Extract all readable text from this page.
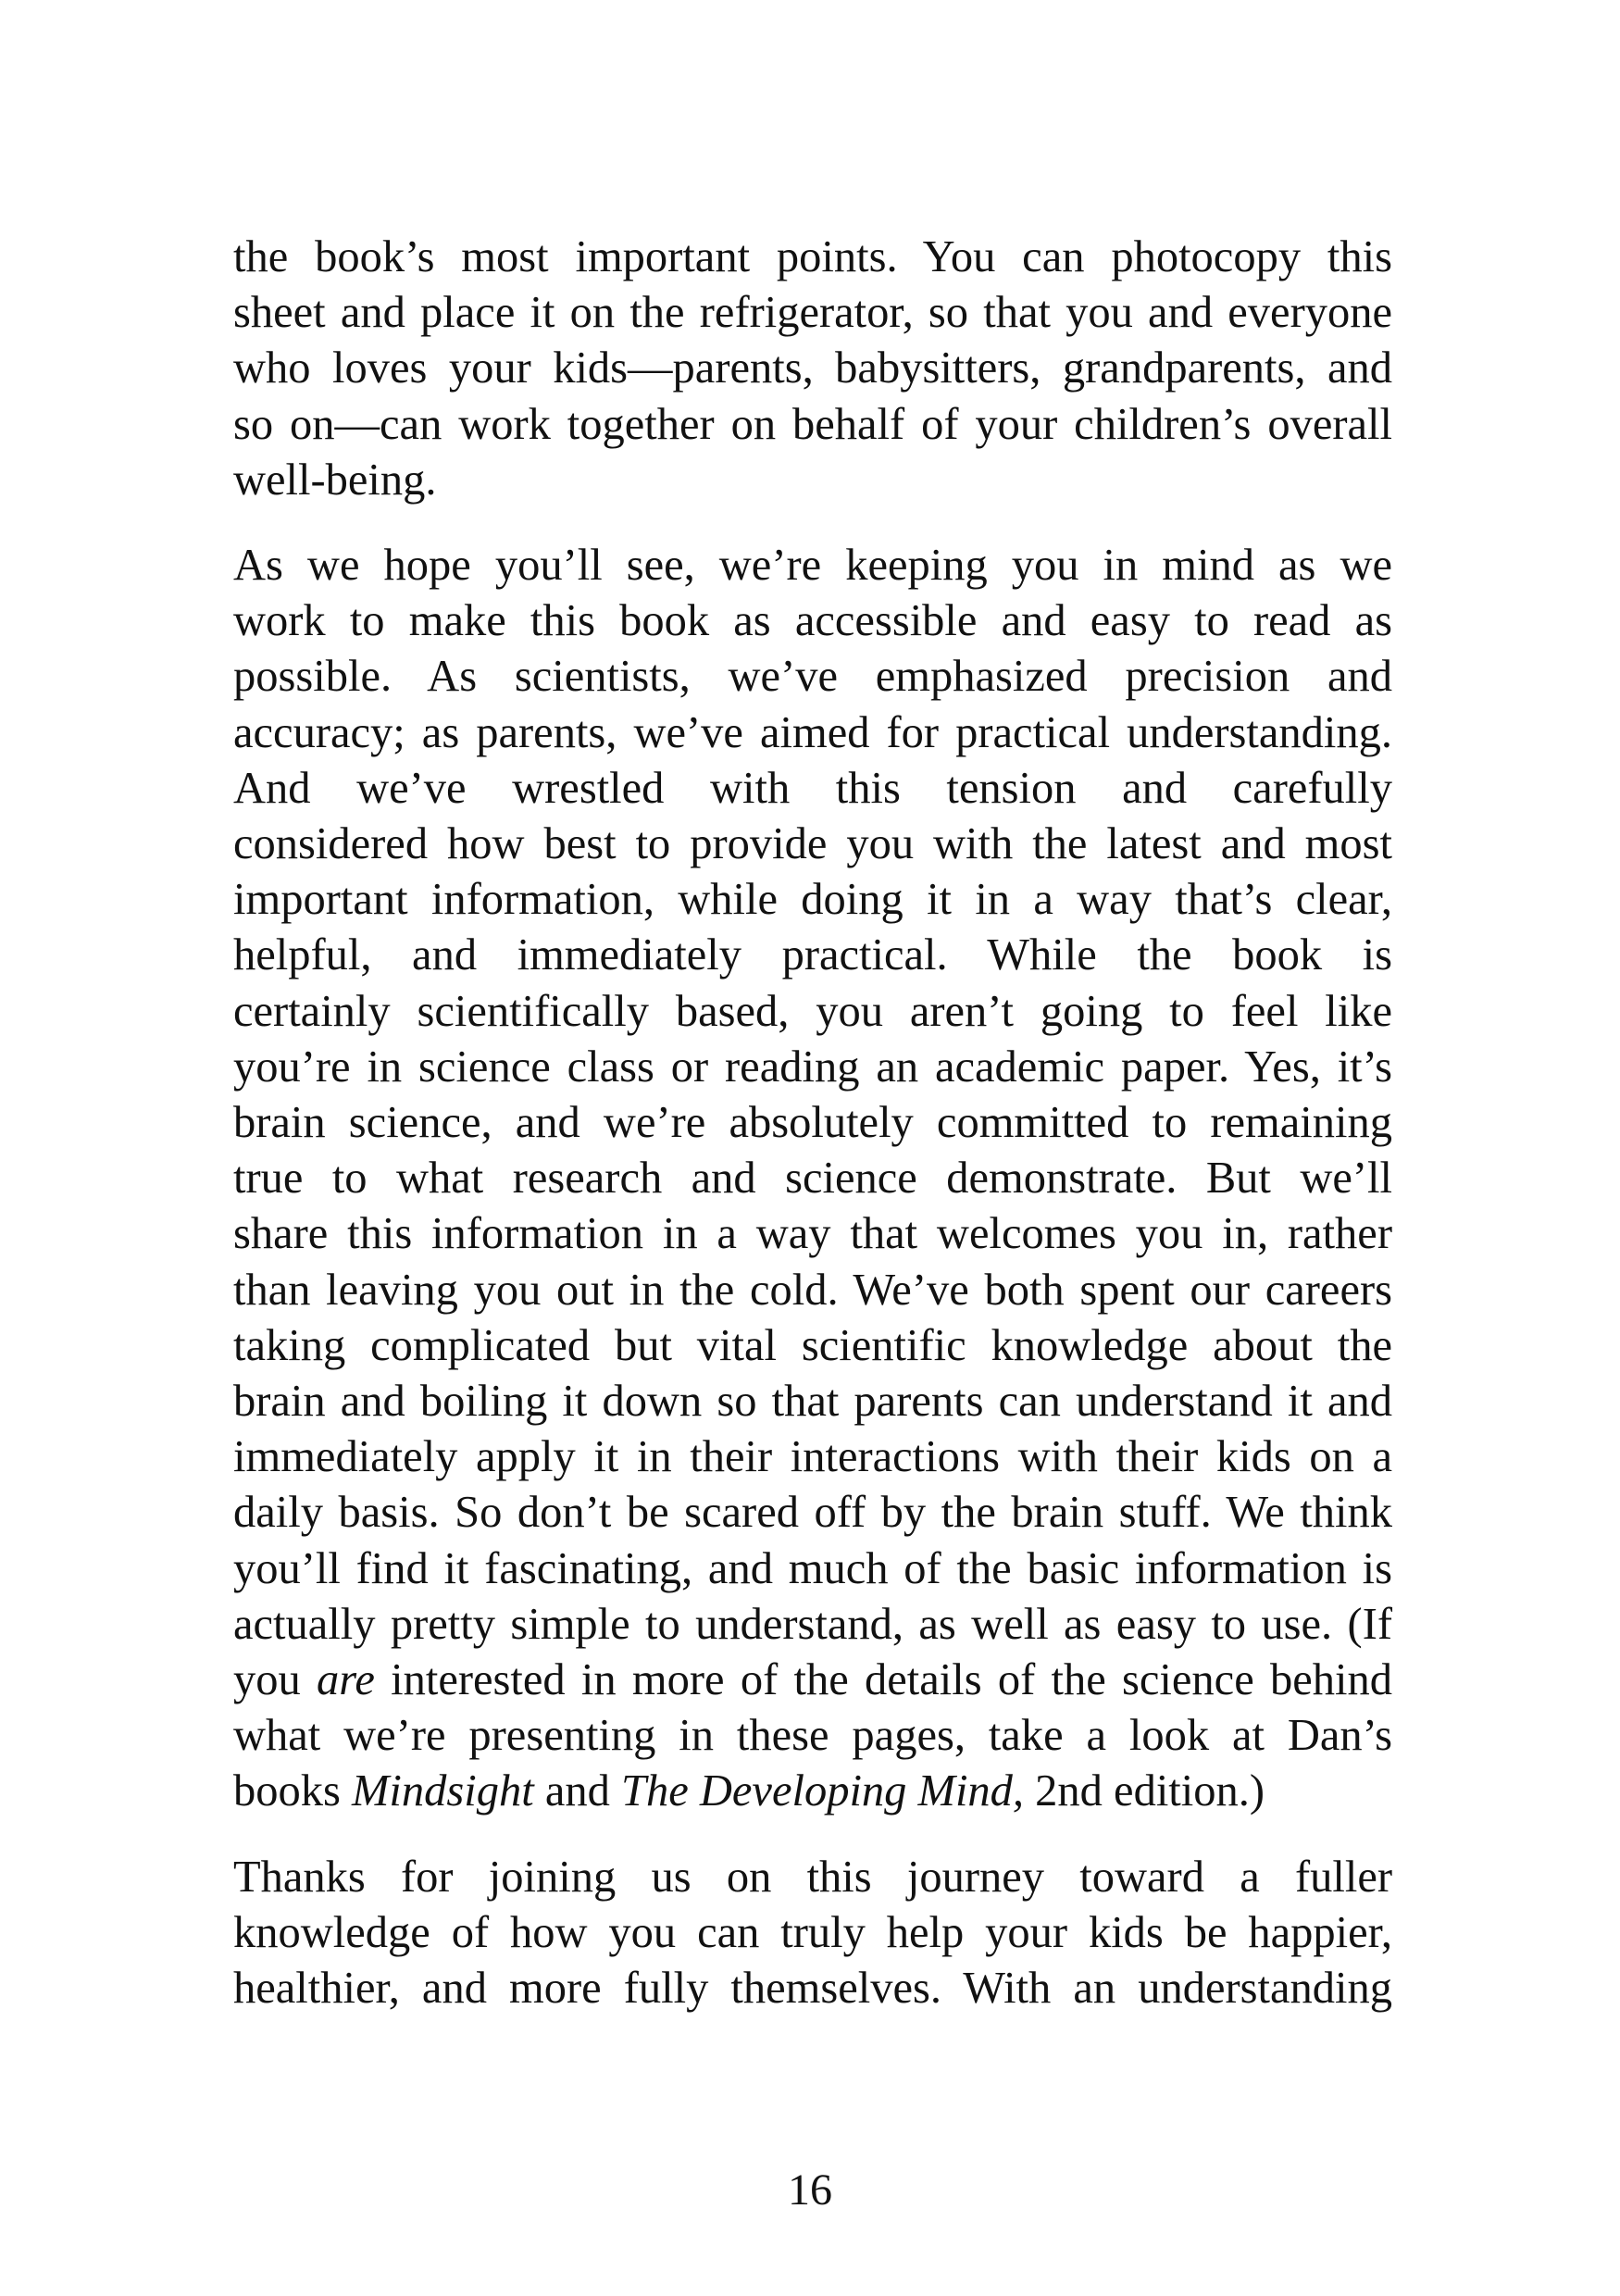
the book’s most important points. You can photocopy this
sheet and place it on the refrigerator, so that you and everyone
who loves your kids—parents, babysitters, grandparents, and
so on—can work together on behalf of your children’s overall
well-being.

As we hope you’ll see, we’re keeping you in mind as we
work to make this book as accessible and easy to read as
possible. As scientists, we’ve emphasized precision and
accuracy; as parents, we’ve aimed for practical understanding.
And we’ve wrestled with this tension and carefully
considered how best to provide you with the latest and most
important information, while doing it in a way that’s clear,
helpful, and immediately practical. While the book is
certainly scientifically based, you aren’t going to feel like
you’re in science class or reading an academic paper. Yes, it’s
brain science, and we’re absolutely committed to remaining
true to what research and science demonstrate. But we’ll
share this information in a way that welcomes you in, rather
than leaving you out in the cold. We’ve both spent our careers
taking complicated but vital scientific knowledge about the
brain and boiling it down so that parents can understand it and
immediately apply it in their interactions with their kids on a
daily basis. So don’t be scared off by the brain stuff. We think
you’ll find it fascinating, and much of the basic information is
actually pretty simple to understand, as well as easy to use. (If
you are interested in more of the details of the science behind
what we’re presenting in these pages, take a look at Dan’s
books Mindsight and The Developing Mind, 2nd edition.)

Thanks for joining us on this journey toward a fuller
knowledge of how you can truly help your kids be happier,
healthier, and more fully themselves. With an understanding

16
